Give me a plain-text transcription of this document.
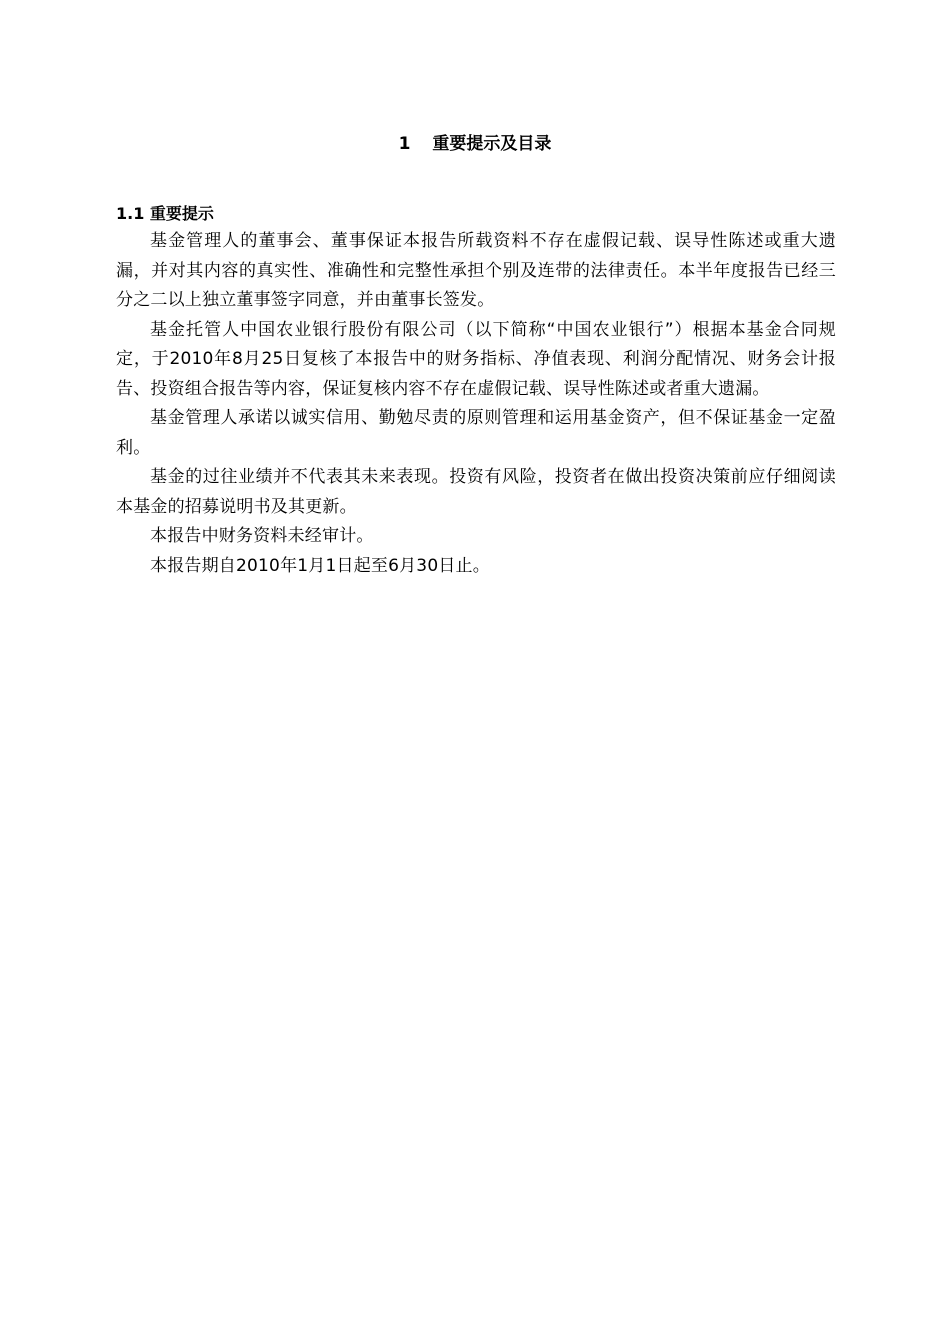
1 重要提示及目录

1.1 重要提示

基金管理人的董事会、董事保证本报告所载资料不存在虚假记载、误导性陈述或重大遗漏，并对其内容的真实性、准确性和完整性承担个别及连带的法律责任。本半年度报告已经三分之二以上独立董事签字同意，并由董事长签发。

基金托管人中国农业银行股份有限公司（以下简称“中国农业银行”）根据本基金合同规定，于2010年8月25日复核了本报告中的财务指标、净值表现、利润分配情况、财务会计报告、投资组合报告等内容，保证复核内容不存在虚假记载、误导性陈述或者重大遗漏。

基金管理人承诺以诚实信用、勤勉尽责的原则管理和运用基金资产，但不保证基金一定盈利。

基金的过往业绩并不代表其未来表现。投资有风险，投资者在做出投资决策前应仔细阅读本基金的招募说明书及其更新。

本报告中财务资料未经审计。

本报告期自2010年1月1日起至6月30日止。
